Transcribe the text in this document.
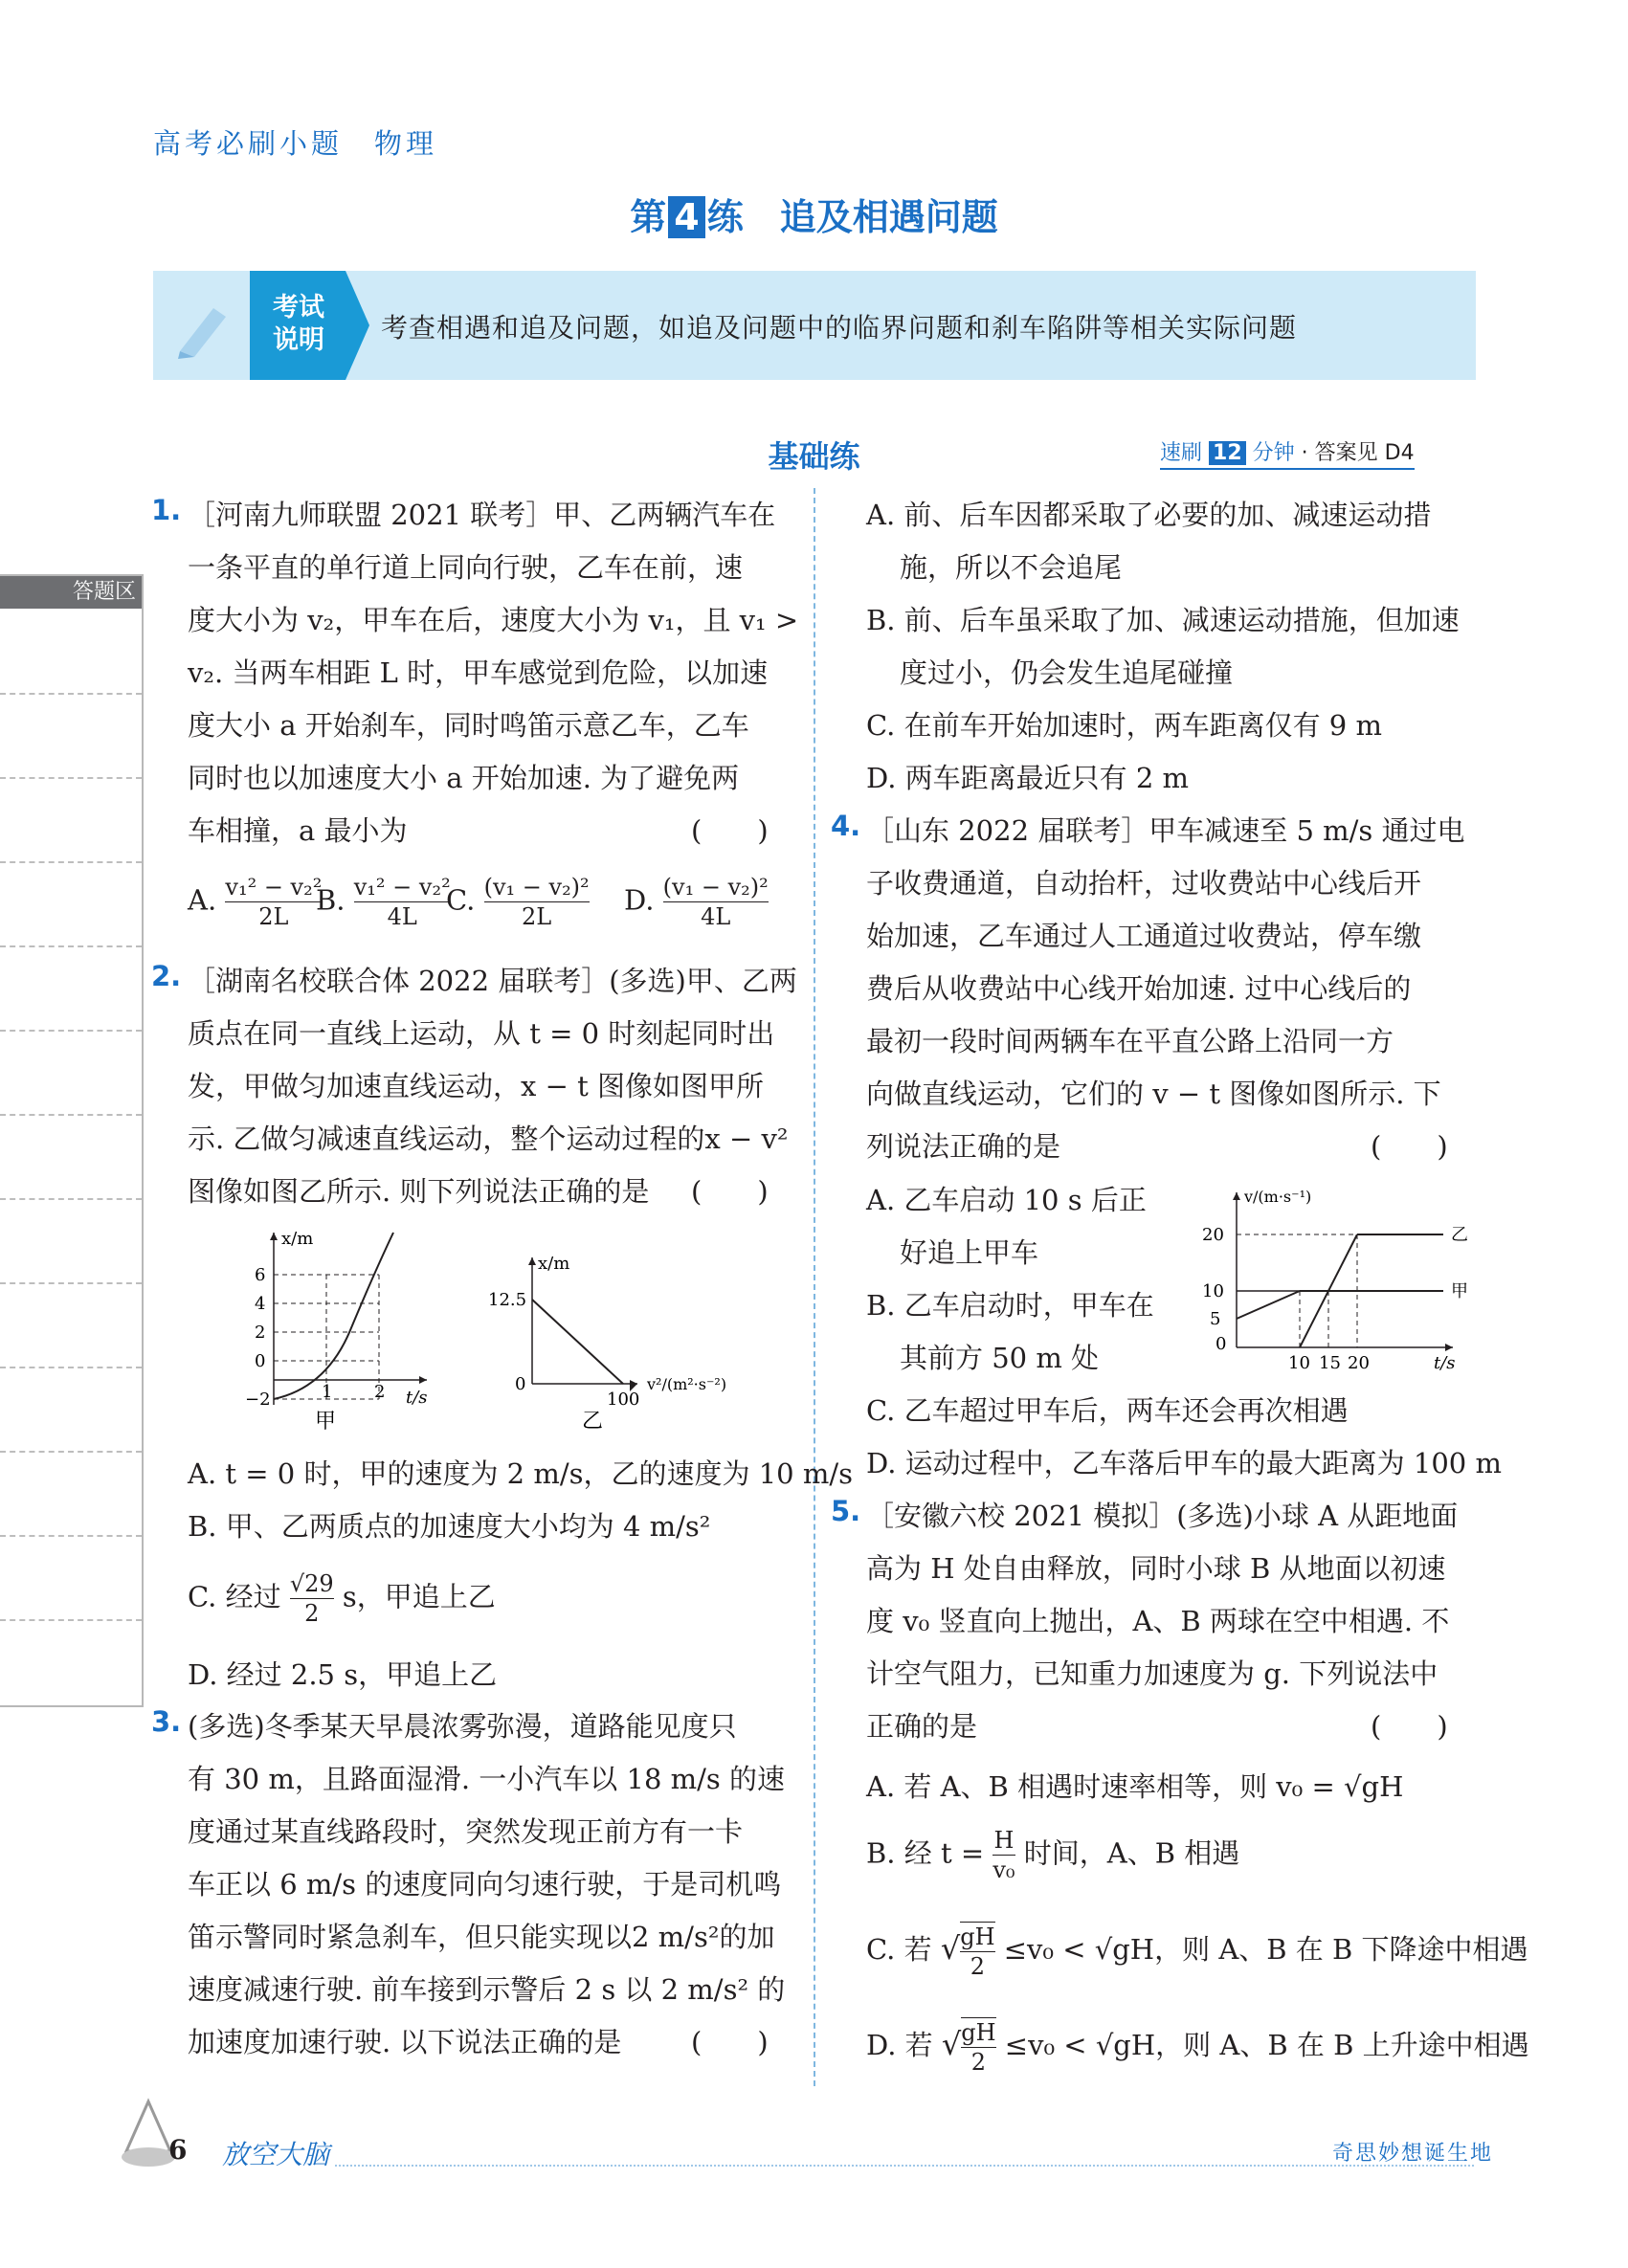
高考必刷小题　物理
第 4 练　 追及相遇问题
考试
说明 考查相遇和追及问题，如追及问题中的临界问题和刹车陷阱等相关实际问题
基础练	速刷 12 分钟 · 答案见 D4
答题区
1. ［河南九师联盟 2021 联考］甲、乙两辆汽车在
一条平直的单行道上同向行驶，乙车在前，速
度大小为 v₂，甲车在后，速度大小为 v₁，且 v₁ >
v₂. 当两车相距 L 时，甲车感觉到危险，以加速
度大小 a 开始刹车，同时鸣笛示意乙车，乙车
同时也以加速度大小 a 开始加速. 为了避免两
车相撞，a 最小为	(　　)
A. $\frac{\text{v₁² − v₂²}}{2L}$
B. $\frac{\text{v₁² − v₂²}}{4L}$
C. $\frac{\text{(v₁ − v₂)²}}{2L} D$. $\frac{\text{(v₁ − v₂)²}}{4L}$
2. ［湖南名校联合体 2022 届联考］(多选)甲、乙两
质点在同一直线上运动，从 t = 0 时刻起同时出
发，甲做匀加速直线运动，x − t 图像如图甲所
示. 乙做匀减速直线运动，整个运动过程的x − v²
图像如图乙所示. 则下列说法正确的是 (　　)
x/m
t/s
6
4
2
0
−2	1 2
甲
x/m
12.5
0
100
v²/(m²·s⁻²)
乙
A. t = 0 时，甲的速度为 2 m/s，乙的速度为 10 m/s
B. 甲、乙两质点的加速度大小均为 4 m/s²
C. 经过 $\frac{√29}{2}$ s，甲追上乙
D. 经过 2.5 s，甲追上乙
3. (多选)冬季某天早晨浓雾弥漫，道路能见度只
有 30 m，且路面湿滑. 一小汽车以 18 m/s 的速
度通过某直线路段时，突然发现正前方有一卡
车正以 6 m/s 的速度同向匀速行驶，于是司机鸣
笛示警同时紧急刹车，但只能实现以2 m/s²的加
速度减速行驶. 前车接到示警后 2 s 以 2 m/s² 的
加速度加速行驶. 以下说法正确的是	(　　)
A. 前、后车因都采取了必要的加、减速运动措
施，所以不会追尾
B. 前、后车虽采取了加、减速运动措施，但加速
度过小，仍会发生追尾碰撞
C. 在前车开始加速时，两车距离仅有 9 m
D. 两车距离最近只有 2 m
4. ［山东 2022 届联考］甲车减速至 5 m/s 通过电
子收费通道，自动抬杆，过收费站中心线后开
始加速，乙车通过人工通道过收费站，停车缴
费后从收费站中心线开始加速. 过中心线后的
最初一段时间两辆车在平直公路上沿同一方
向做直线运动，它们的 v − t 图像如图所示. 下
列说法正确的是	(　　)
A. 乙车启动 10 s 后正
好追上甲车
B. 乙车启动时，甲车在
其前方 50 m 处
C. 乙车超过甲车后，两车还会再次相遇
D. 运动过程中，乙车落后甲车的最大距离为 100 m
v/(m·s⁻¹)
20
10
5
0
10 15 20	t/s
乙
甲
5. ［安徽六校 2021 模拟］(多选)小球 A 从距地面
高为 H 处自由释放，同时小球 B 从地面以初速
度 v₀ 竖直向上抛出，A、B 两球在空中相遇. 不
计空气阻力，已知重力加速度为 g. 下列说法中
正确的是	(　　)
A. 若 A、B 相遇时速率相等，则 v₀ = √gH
B. 经 $t = \frac{H}{\text{v₀}}$ 时间，A、B 相遇
C. 若 √ $\frac{gH}{2} \le v_0 < √gH$，则 A、B 在 B 下降途中相遇
D. 若 √ $\frac{gH}{2} \le v_0 < √gH$，则 A、B 在 B 上升途中相遇
6 放空大脑	奇思妙想诞生地
